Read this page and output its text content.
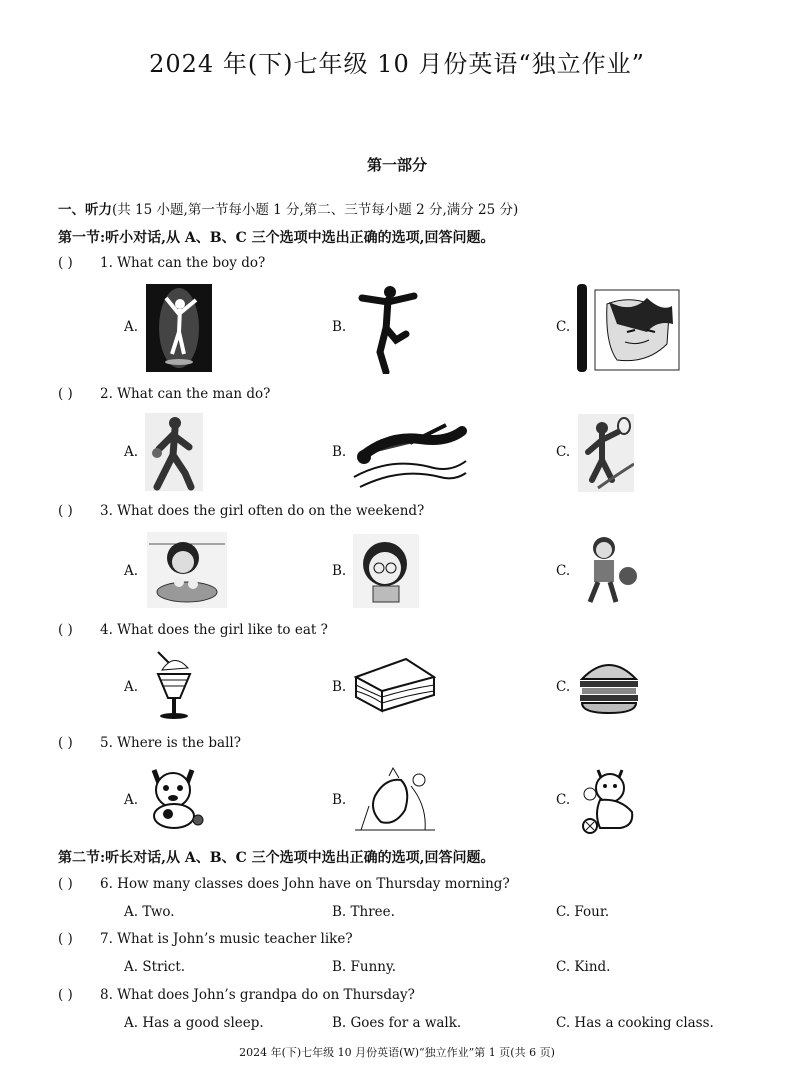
2024 年(下)七年级 10 月份英语“独立作业”
第一部分
一、听力(共 15 小题,第一节每小题 1 分,第二、三节每小题 2 分,满分 25 分)
第一节:听小对话,从 A、B、C 三个选项中选出正确的选项,回答问题。
( ) 1. What can the boy do?
A.	B.	C.
( ) 2. What can the man do?
A.	B.	C.
( ) 3. What does the girl often do on the weekend?
A.	B.	C.
( ) 4. What does the girl like to eat ?
A.	B.	C.
( ) 5. Where is the ball?
A.	B.	C.
第二节:听长对话,从 A、B、C 三个选项中选出正确的选项,回答问题。
( ) 6. How many classes does John have on Thursday morning?
A. Two.	B. Three.	C. Four.
( ) 7. What is John’s music teacher like?
A. Strict.	B. Funny.	C. Kind.
( ) 8. What does John’s grandpa do on Thursday?
A. Has a good sleep.	B. Goes for a walk.	C. Has a cooking class.
2024 年(下)七年级 10 月份英语(W)“独立作业”第 1 页(共 6 页)
